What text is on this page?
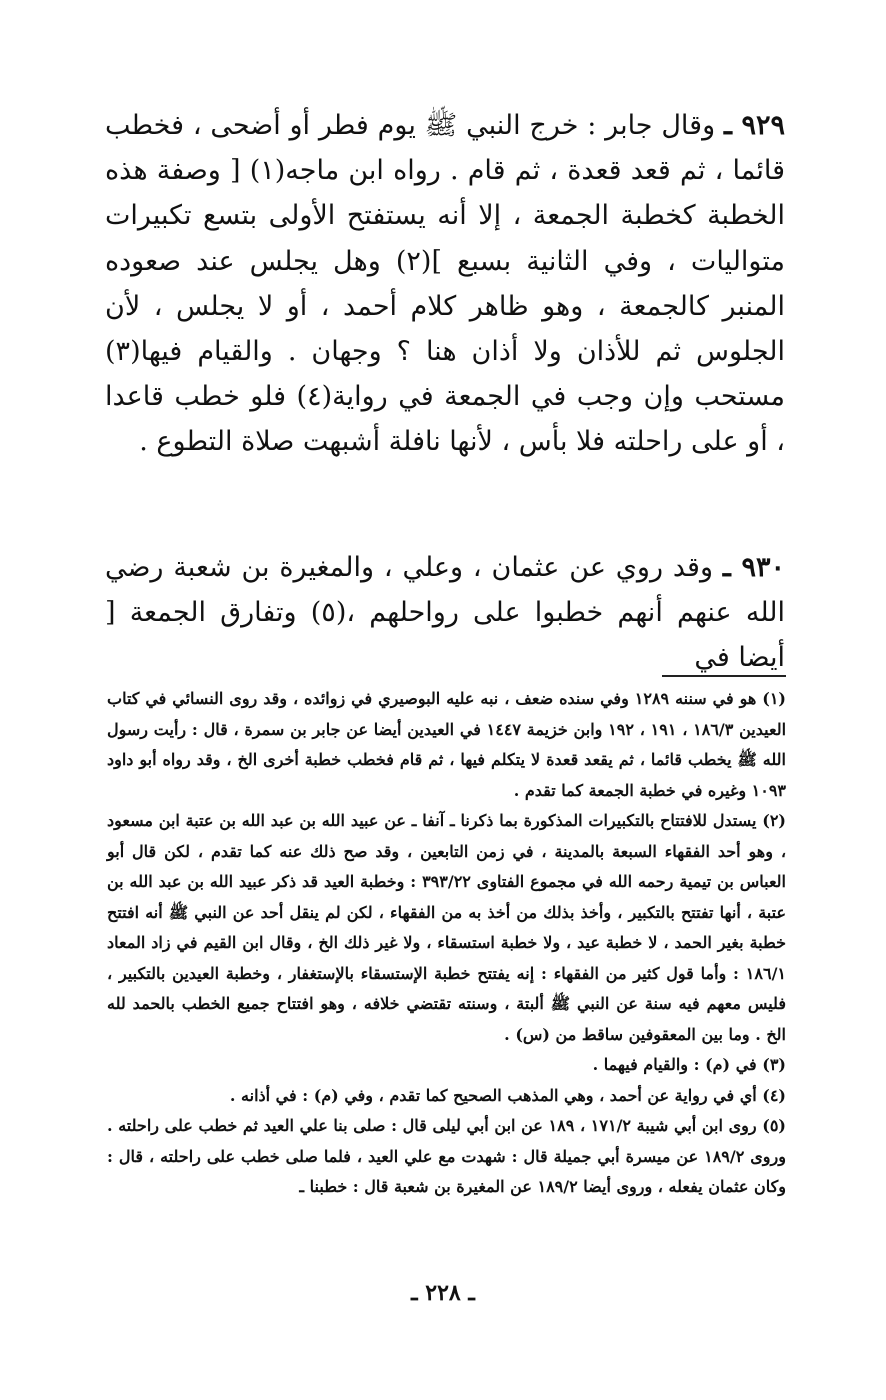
٩٢٩ ـ وقال جابر : خرج النبي ﷺ يوم فطر أو أضحى ، فخطب قائما ، ثم قعد قعدة ، ثم قام . رواه ابن ماجه(١) [ وصفة هذه الخطبة كخطبة الجمعة ، إلا أنه يستفتح الأولى بتسع تكبيرات متواليات ، وفي الثانية بسبع ](٢) وهل يجلس عند صعوده المنبر كالجمعة ، وهو ظاهر كلام أحمد ، أو لا يجلس ، لأن الجلوس ثم للأذان ولا أذان هنا ؟ وجهان . والقيام فيها(٣) مستحب وإن وجب في الجمعة في رواية(٤) فلو خطب قاعدا ، أو على راحلته فلا بأس ، لأنها نافلة أشبهت صلاة التطوع .

٩٣٠ ـ وقد روي عن عثمان ، وعلي ، والمغيرة بن شعبة رضي الله عنهم أنهم خطبوا على رواحلهم ،(٥) وتفارق الجمعة [ أيضا في

(١) هو في سننه ١٢٨٩ وفي سنده ضعف ، نبه عليه البوصيري في زوائده ، وقد روى النسائي في كتاب العيدين ١٨٦/٣ ، ١٩١ ، ١٩٢ وابن خزيمة ١٤٤٧ في العيدين أيضا عن جابر بن سمرة ، قال : رأيت رسول الله ﷺ يخطب قائما ، ثم يقعد قعدة لا يتكلم فيها ، ثم قام فخطب خطبة أخرى الخ ، وقد رواه أبو داود ١٠٩٣ وغيره في خطبة الجمعة كما تقدم .

(٢) يستدل للافتتاح بالتكبيرات المذكورة بما ذكرنا ـ آنفا ـ عن عبيد الله بن عبد الله بن عتبة ابن مسعود ، وهو أحد الفقهاء السبعة بالمدينة ، في زمن التابعين ، وقد صح ذلك عنه كما تقدم ، لكن قال أبو العباس بن تيمية رحمه الله في مجموع الفتاوى ٣٩٣/٢٢ : وخطبة العيد قد ذكر عبيد الله بن عبد الله بن عتبة ، أنها تفتتح بالتكبير ، وأخذ بذلك من أخذ به من الفقهاء ، لكن لم ينقل أحد عن النبي ﷺ أنه افتتح خطبة بغير الحمد ، لا خطبة عيد ، ولا خطبة استسقاء ، ولا غير ذلك الخ ، وقال ابن القيم في زاد المعاد ١٨٦/١ : وأما قول كثير من الفقهاء : إنه يفتتح خطبة الإستسقاء بالإستغفار ، وخطبة العيدين بالتكبير ، فليس معهم فيه سنة عن النبي ﷺ ألبتة ، وسنته تقتضي خلافه ، وهو افتتاح جميع الخطب بالحمد لله الخ . وما بين المعقوفين ساقط من (س) .

(٣) في (م) : والقيام فيهما .

(٤) أي في رواية عن أحمد ، وهي المذهب الصحيح كما تقدم ، وفي (م) : في أذانه .

(٥) روى ابن أبي شيبة ١٧١/٢ ، ١٨٩ عن ابن أبي ليلى قال : صلى بنا علي العيد ثم خطب على راحلته . وروى ١٨٩/٢ عن ميسرة أبي جميلة قال : شهدت مع علي العيد ، فلما صلى خطب على راحلته ، قال : وكان عثمان يفعله ، وروى أيضا ١٨٩/٢ عن المغيرة بن شعبة قال : خطبنا ـ

ـ ٢٢٨ ـ
